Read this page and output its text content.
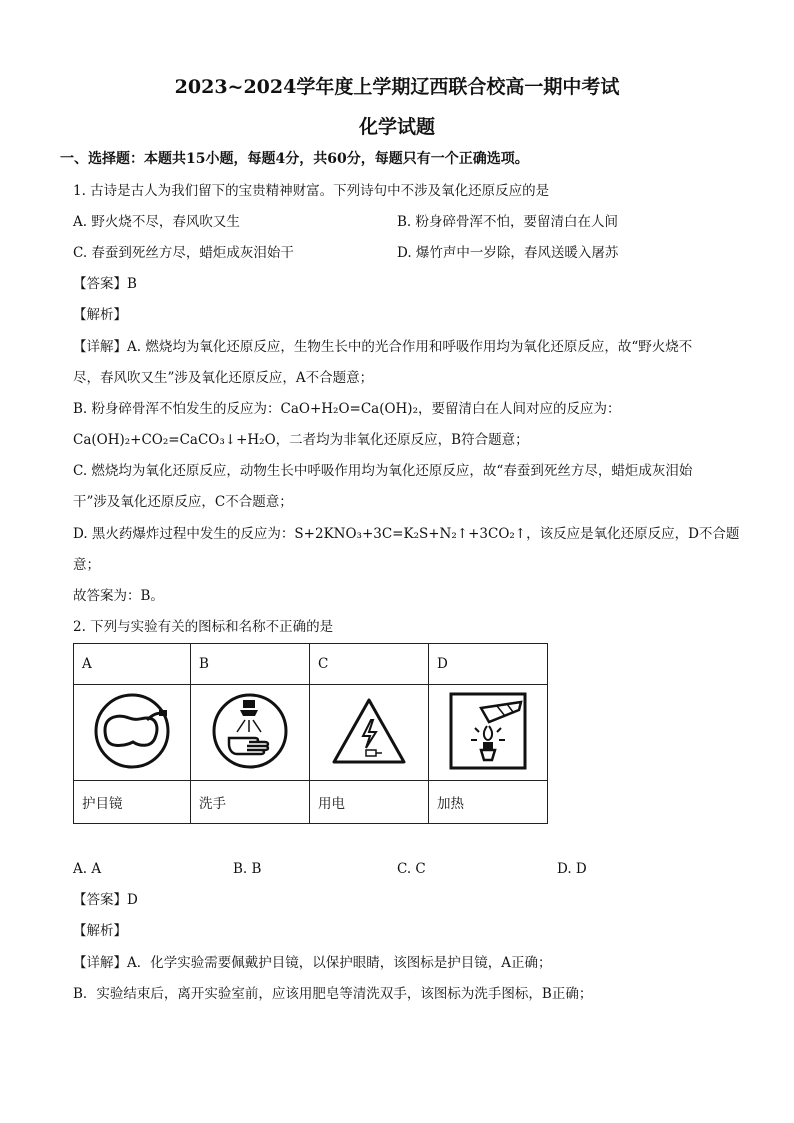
2023~2024学年度上学期辽西联合校高一期中考试
化学试题
一、选择题：本题共15小题，每题4分，共60分，每题只有一个正确选项。
1. 古诗是古人为我们留下的宝贵精神财富。下列诗句中不涉及氧化还原反应的是
A. 野火烧不尽，春风吹又生	B. 粉身碎骨浑不怕，要留清白在人间
C. 春蚕到死丝方尽，蜡炬成灰泪始干	D. 爆竹声中一岁除，春风送暖入屠苏
【答案】B
【解析】
【详解】A. 燃烧均为氧化还原反应，生物生长中的光合作用和呼吸作用均为氧化还原反应，故“野火烧不
尽，春风吹又生”涉及氧化还原反应，A不合题意；
B. 粉身碎骨浑不怕发生的反应为：CaO+H₂O=Ca(OH)₂，要留清白在人间对应的反应为：
Ca(OH)₂+CO₂=CaCO₃↓+H₂O，二者均为非氧化还原反应，B符合题意；
C. 燃烧均为氧化还原反应，动物生长中呼吸作用均为氧化还原反应，故“春蚕到死丝方尽，蜡炬成灰泪始
干”涉及氧化还原反应，C不合题意；
D. 黑火药爆炸过程中发生的反应为：S+2KNO₃+3C=K₂S+N₂↑+3CO₂↑，该反应是氧化还原反应，D不合题
意；
故答案为：B。
2. 下列与实验有关的图标和名称不正确的是
A	B	C	D

护目镜	洗手	用电	加热
A. A	B. B	C. C	D. D
【答案】D
【解析】
【详解】A．化学实验需要佩戴护目镜，以保护眼睛，该图标是护目镜，A正确；
B．实验结束后，离开实验室前，应该用肥皂等清洗双手，该图标为洗手图标，B正确；
